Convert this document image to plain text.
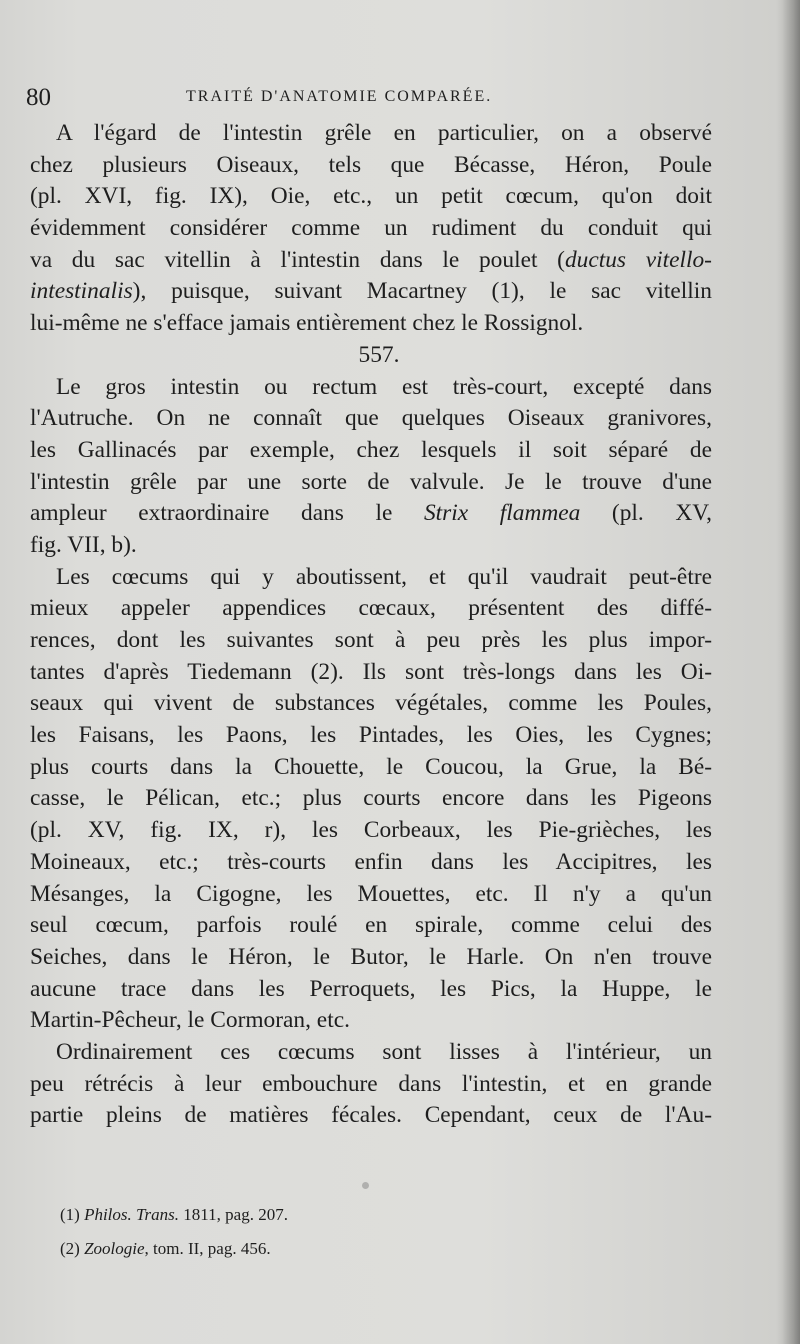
80	TRAITÉ D'ANATOMIE COMPARÉE.
A l'égard de l'intestin grêle en particulier, on a observé
chez plusieurs Oiseaux, tels que Bécasse, Héron, Poule
(pl. XVI, fig. IX), Oie, etc., un petit cœcum, qu'on doit
évidemment considérer comme un rudiment du conduit qui
va du sac vitellin à l'intestin dans le poulet (ductus vitello-
intestinalis), puisque, suivant Macartney (1), le sac vitellin
lui-même ne s'efface jamais entièrement chez le Rossignol.
557.
Le gros intestin ou rectum est très-court, excepté dans
l'Autruche. On ne connaît que quelques Oiseaux granivores,
les Gallinacés par exemple, chez lesquels il soit séparé de
l'intestin grêle par une sorte de valvule. Je le trouve d'une
ampleur extraordinaire dans le Strix flammea (pl. XV,
fig. VII, b).
Les cœcums qui y aboutissent, et qu'il vaudrait peut-être
mieux appeler appendices cœcaux, présentent des diffé-
rences, dont les suivantes sont à peu près les plus impor-
tantes d'après Tiedemann (2). Ils sont très-longs dans les Oi-
seaux qui vivent de substances végétales, comme les Poules,
les Faisans, les Paons, les Pintades, les Oies, les Cygnes;
plus courts dans la Chouette, le Coucou, la Grue, la Bé-
casse, le Pélican, etc.; plus courts encore dans les Pigeons
(pl. XV, fig. IX, r), les Corbeaux, les Pie-grièches, les
Moineaux, etc.; très-courts enfin dans les Accipitres, les
Mésanges, la Cigogne, les Mouettes, etc. Il n'y a qu'un
seul cœcum, parfois roulé en spirale, comme celui des
Seiches, dans le Héron, le Butor, le Harle. On n'en trouve
aucune trace dans les Perroquets, les Pics, la Huppe, le
Martin-Pêcheur, le Cormoran, etc.
Ordinairement ces cœcums sont lisses à l'intérieur, un
peu rétrécis à leur embouchure dans l'intestin, et en grande
partie pleins de matières fécales. Cependant, ceux de l'Au-
(1) Philos. Trans. 1811, pag. 207.
(2) Zoologie, tom. II, pag. 456.
